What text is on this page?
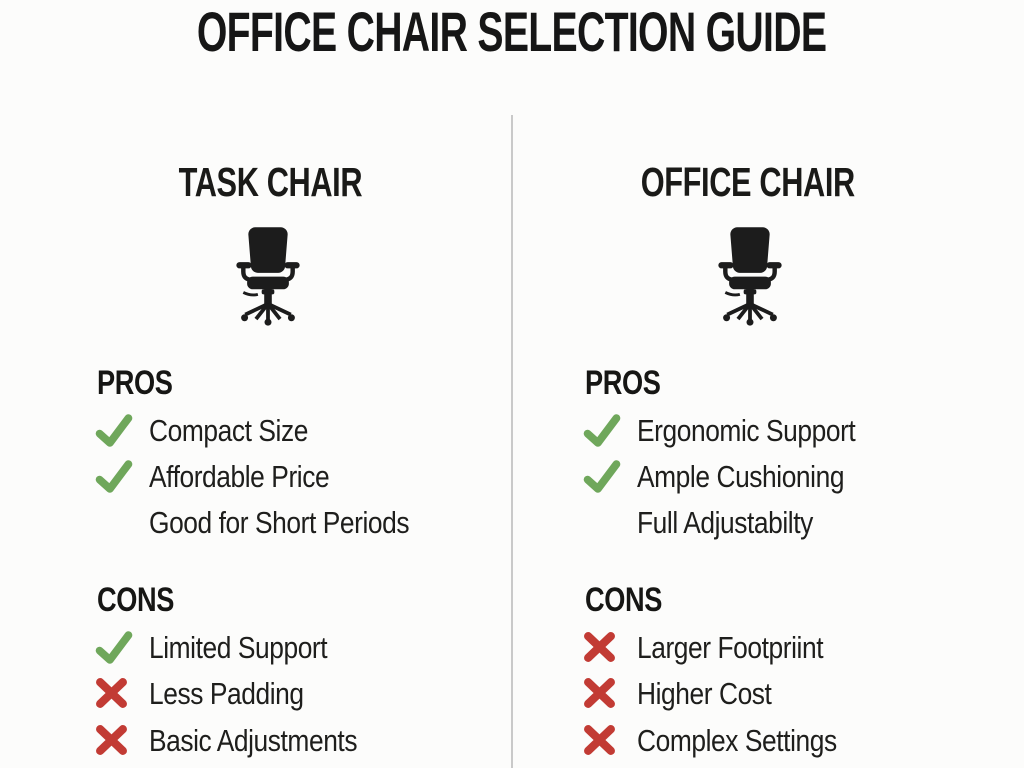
OFFICE CHAIR SELECTION GUIDE
TASK CHAIR
PROS
Compact Size
Affordable Price
Good for Short Periods
CONS
Limited Support
Less Padding
Basic Adjustments
OFFICE CHAIR
PROS
Ergonomic Support
Ample Cushioning
Full Adjustabilty
CONS
Larger Footpriint
Higher Cost
Complex Settings
